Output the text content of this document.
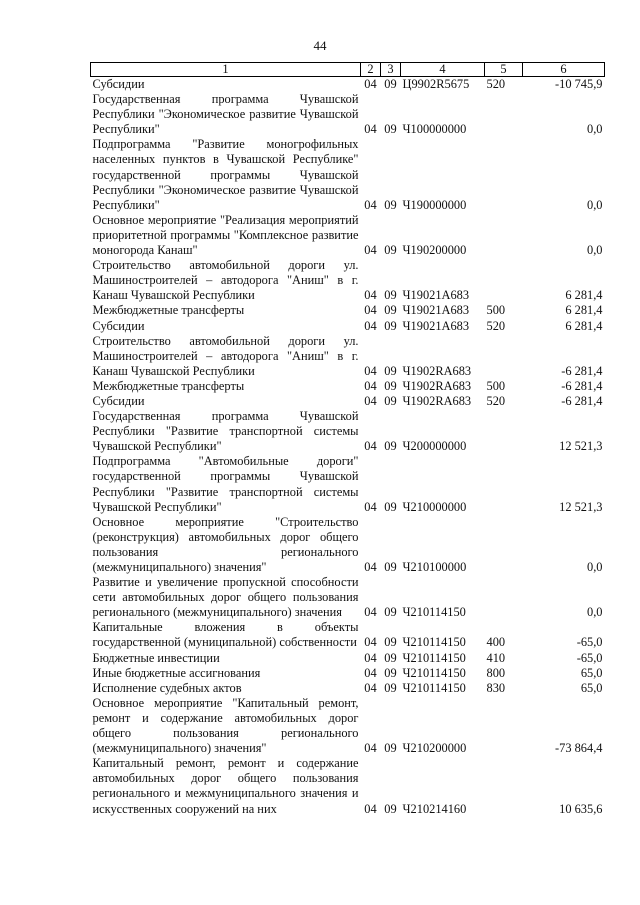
44
1	2	3	4	5	6
Субсидии	04	09	Ц9902R5675	520	-10 745,9
Государственная программа Чувашской Республики "Экономическое развитие Чувашской Республики"	04	09	Ч100000000		0,0
Подпрограмма "Развитие моногрофильных населенных пунктов в Чувашской Республике" государственной программы Чувашской Республики "Экономическое развитие Чувашской Республики"	04	09	Ч190000000		0,0
Основное мероприятие "Реализация мероприятий приоритетной программы "Комплексное развитие моногорода Канаш"	04	09	Ч190200000		0,0
Строительство автомобильной дороги ул. Машиностроителей – автодорога "Аниш" в г. Канаш Чувашской Республики	04	09	Ч19021А683		6 281,4
Межбюджетные трансферты	04	09	Ч19021А683	500	6 281,4
Субсидии	04	09	Ч19021А683	520	6 281,4
Строительство автомобильной дороги ул. Машиностроителей – автодорога "Аниш" в г. Канаш Чувашской Республики	04	09	Ч1902RA683		-6 281,4
Межбюджетные трансферты	04	09	Ч1902RA683	500	-6 281,4
Субсидии	04	09	Ч1902RA683	520	-6 281,4
Государственная программа Чувашской Республики "Развитие транспортной системы Чувашской Республики"	04	09	Ч200000000		12 521,3
Подпрограмма "Автомобильные дороги" государственной программы Чувашской Республики "Развитие транспортной системы Чувашской Республики"	04	09	Ч210000000		12 521,3
Основное мероприятие "Строительство (реконструкция) автомобильных дорог общего пользования регионального (межмуниципального) значения"	04	09	Ч210100000		0,0
Развитие и увеличение пропускной способности сети автомобильных дорог общего пользования регионального (межмуниципального) значения	04	09	Ч210114150		0,0
Капитальные вложения в объекты государственной (муниципальной) собственности	04	09	Ч210114150	400	-65,0
Бюджетные инвестиции	04	09	Ч210114150	410	-65,0
Иные бюджетные ассигнования	04	09	Ч210114150	800	65,0
Исполнение судебных актов	04	09	Ч210114150	830	65,0
Основное мероприятие "Капитальный ремонт, ремонт и содержание автомобильных дорог общего пользования регионального (межмуниципального) значения"	04	09	Ч210200000		-73 864,4
Капитальный ремонт, ремонт и содержание автомобильных дорог общего пользования регионального и межмуниципального значения и искусственных сооружений на них	04	09	Ч210214160		10 635,6
